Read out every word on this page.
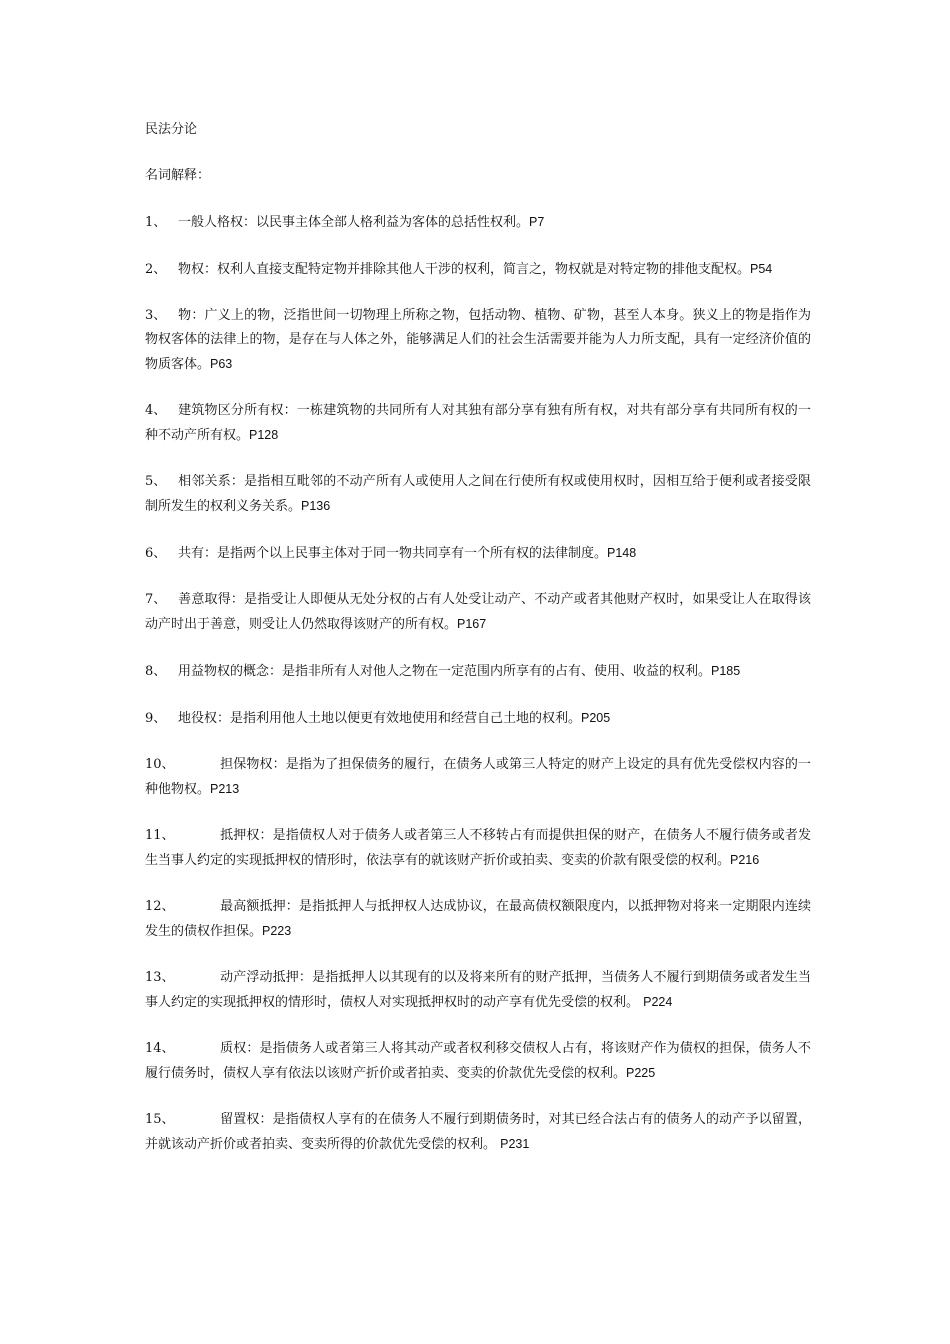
民法分论
名词解释：
1、 一般人格权：以民事主体全部人格利益为客体的总括性权利。P7
2、 物权：权利人直接支配特定物并排除其他人干涉的权利，简言之，物权就是对特定物的排他支配权。P54
3、 物：广义上的物，泛指世间一切物理上所称之物，包括动物、植物、矿物，甚至人本身。狭义上的物是指作为物权客体的法律上的物，是存在与人体之外，能够满足人们的社会生活需要并能为人力所支配，具有一定经济价值的物质客体。P63
4、 建筑物区分所有权：一栋建筑物的共同所有人对其独有部分享有独有所有权，对共有部分享有共同所有权的一种不动产所有权。P128
5、 相邻关系：是指相互毗邻的不动产所有人或使用人之间在行使所有权或使用权时，因相互给于便利或者接受限制所发生的权利义务关系。P136
6、 共有：是指两个以上民事主体对于同一物共同享有一个所有权的法律制度。P148
7、 善意取得：是指受让人即便从无处分权的占有人处受让动产、不动产或者其他财产权时，如果受让人在取得该动产时出于善意，则受让人仍然取得该财产的所有权。P167
8、 用益物权的概念：是指非所有人对他人之物在一定范围内所享有的占有、使用、收益的权利。P185
9、 地役权：是指利用他人土地以便更有效地使用和经营自己土地的权利。P205
10、	担保物权：是指为了担保债务的履行，在债务人或第三人特定的财产上设定的具有优先受偿权内容的一种他物权。P213
11、	抵押权：是指债权人对于债务人或者第三人不移转占有而提供担保的财产，在债务人不履行债务或者发生当事人约定的实现抵押权的情形时，依法享有的就该财产折价或拍卖、变卖的价款有限受偿的权利。P216
12、	最高额抵押：是指抵押人与抵押权人达成协议，在最高债权额限度内，以抵押物对将来一定期限内连续发生的债权作担保。P223
13、	动产浮动抵押：是指抵押人以其现有的以及将来所有的财产抵押，当债务人不履行到期债务或者发生当事人约定的实现抵押权的情形时，债权人对实现抵押权时的动产享有优先受偿的权利。 P224
14、	质权：是指债务人或者第三人将其动产或者权利移交债权人占有，将该财产作为债权的担保，债务人不履行债务时，债权人享有依法以该财产折价或者拍卖、变卖的价款优先受偿的权利。P225
15、	留置权：是指债权人享有的在债务人不履行到期债务时，对其已经合法占有的债务人的动产予以留置，并就该动产折价或者拍卖、变卖所得的价款优先受偿的权利。 P231
